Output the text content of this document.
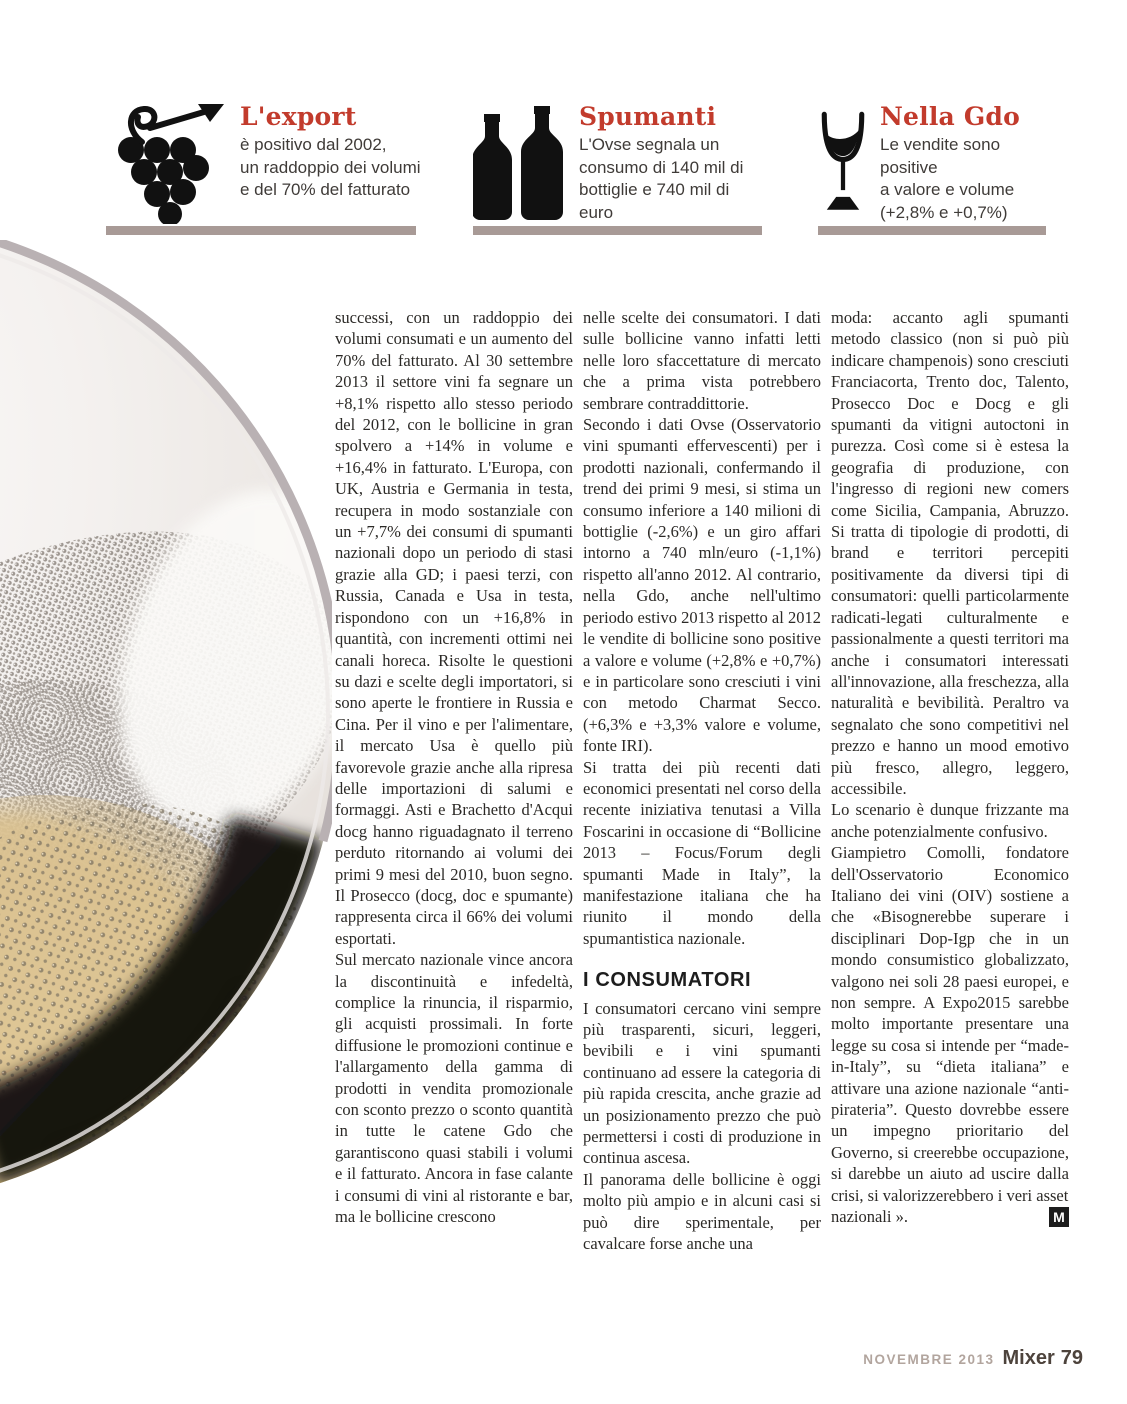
L'export
è positivo dal 2002,
un raddoppio dei volumi
e del 70% del fatturato
Spumanti
L'Ovse segnala un
consumo di 140 mil di
bottiglie e 740 mil di euro
Nella Gdo
Le vendite sono positive
a valore e volume
(+2,8% e +0,7%)

successi, con un raddoppio dei volumi consumati e un aumento del 70% del fatturato. Al 30 settembre 2013 il settore vini fa segnare un +8,1% rispetto allo stesso periodo del 2012, con le bollicine in gran spolvero a +14% in volume e +16,4% in fatturato. L'Europa, con UK, Austria e Germania in testa, recupera in modo sostanziale con un +7,7% dei consumi di spumanti nazionali dopo un periodo di stasi grazie alla GD; i paesi terzi, con Russia, Canada e Usa in testa, rispondono con un +16,8% in quantità, con incrementi ottimi nei canali horeca. Risolte le questioni su dazi e scelte degli importatori, si sono aperte le frontiere in Russia e Cina. Per il vino e per l'alimentare, il mercato Usa è quello più favorevole grazie anche alla ripresa delle importazioni di salumi e formaggi. Asti e Brachetto d'Acqui docg hanno riguadagnato il terreno perduto ritornando ai volumi dei primi 9 mesi del 2010, buon segno. Il Prosecco (docg, doc e spumante) rappresenta circa il 66% dei volumi esportati.

Sul mercato nazionale vince ancora la discontinuità e infedeltà, complice la rinuncia, il risparmio, gli acquisti prossimali. In forte diffusione le promozioni continue e l'allargamento della gamma di prodotti in vendita promozionale con sconto prezzo o sconto quantità in tutte le catene Gdo che garantiscono quasi stabili i volumi e il fatturato. Ancora in fase calante i consumi di vini al ristorante e bar, ma le bollicine crescono

nelle scelte dei consumatori. I dati sulle bollicine vanno infatti letti nelle loro sfaccettature di mercato che a prima vista potrebbero sembrare contraddittorie.

Secondo i dati Ovse (Osservatorio vini spumanti effervescenti) per i prodotti nazionali, confermando il trend dei primi 9 mesi, si stima un consumo inferiore a 140 milioni di bottiglie (-2,6%) e un giro affari intorno a 740 mln/euro (-1,1%) rispetto all'anno 2012. Al contrario, nella Gdo, anche nell'ultimo periodo estivo 2013 rispetto al 2012 le vendite di bollicine sono positive a valore e volume (+2,8% e +0,7%) e in particolare sono cresciuti i vini con metodo Charmat Secco. (+6,3% e +3,3% valore e volume, fonte IRI).

Si tratta dei più recenti dati economici presentati nel corso della recente iniziativa tenutasi a Villa Foscarini in occasione di “Bollicine 2013 – Focus/Forum degli spumanti Made in Italy”, la manifestazione italiana che ha riunito il mondo della spumantistica nazionale.

I CONSUMATORI

I consumatori cercano vini sempre più trasparenti, sicuri, leggeri, bevibili e i vini spumanti continuano ad essere la categoria di più rapida crescita, anche grazie ad un posizionamento prezzo che può permettersi i costi di produzione in continua ascesa.

Il panorama delle bollicine è oggi molto più ampio e in alcuni casi si può dire sperimentale, per cavalcare forse anche una

moda: accanto agli spumanti metodo classico (non si può più indicare champenois) sono cresciuti Franciacorta, Trento doc, Talento, Prosecco Doc e Docg e gli spumanti da vitigni autoctoni in purezza. Così come si è estesa la geografia di produzione, con l'ingresso di regioni new comers come Sicilia, Campania, Abruzzo. Si tratta di tipologie di prodotti, di brand e territori percepiti positivamente da diversi tipi di consumatori: quelli particolarmente radicati-legati culturalmente e passionalmente a questi territori ma anche i consumatori interessati all'innovazione, alla freschezza, alla naturalità e bevibilità. Peraltro va segnalato che sono competitivi nel prezzo e hanno un mood emotivo più fresco, allegro, leggero, accessibile.

Lo scenario è dunque frizzante ma anche potenzialmente confusivo.

Giampietro Comolli, fondatore dell'Osservatorio Economico Italiano dei vini (OIV) sostiene a che «Bisognerebbe superare i disciplinari Dop-Igp che in un mondo consumistico globalizzato, valgono nei soli 28 paesi europei, e non sempre. A Expo2015 sarebbe molto importante presentare una legge su cosa si intende per “made-in-Italy”, su “dieta italiana” e attivare una azione nazionale “anti-pirateria”. Questo dovrebbe essere un impegno prioritario del Governo, si creerebbe occupazione, si darebbe un aiuto ad uscire dalla crisi, si valorizzerebbero i veri asset

nazionali ».	M

NOVEMBRE 2013 Mixer 79
